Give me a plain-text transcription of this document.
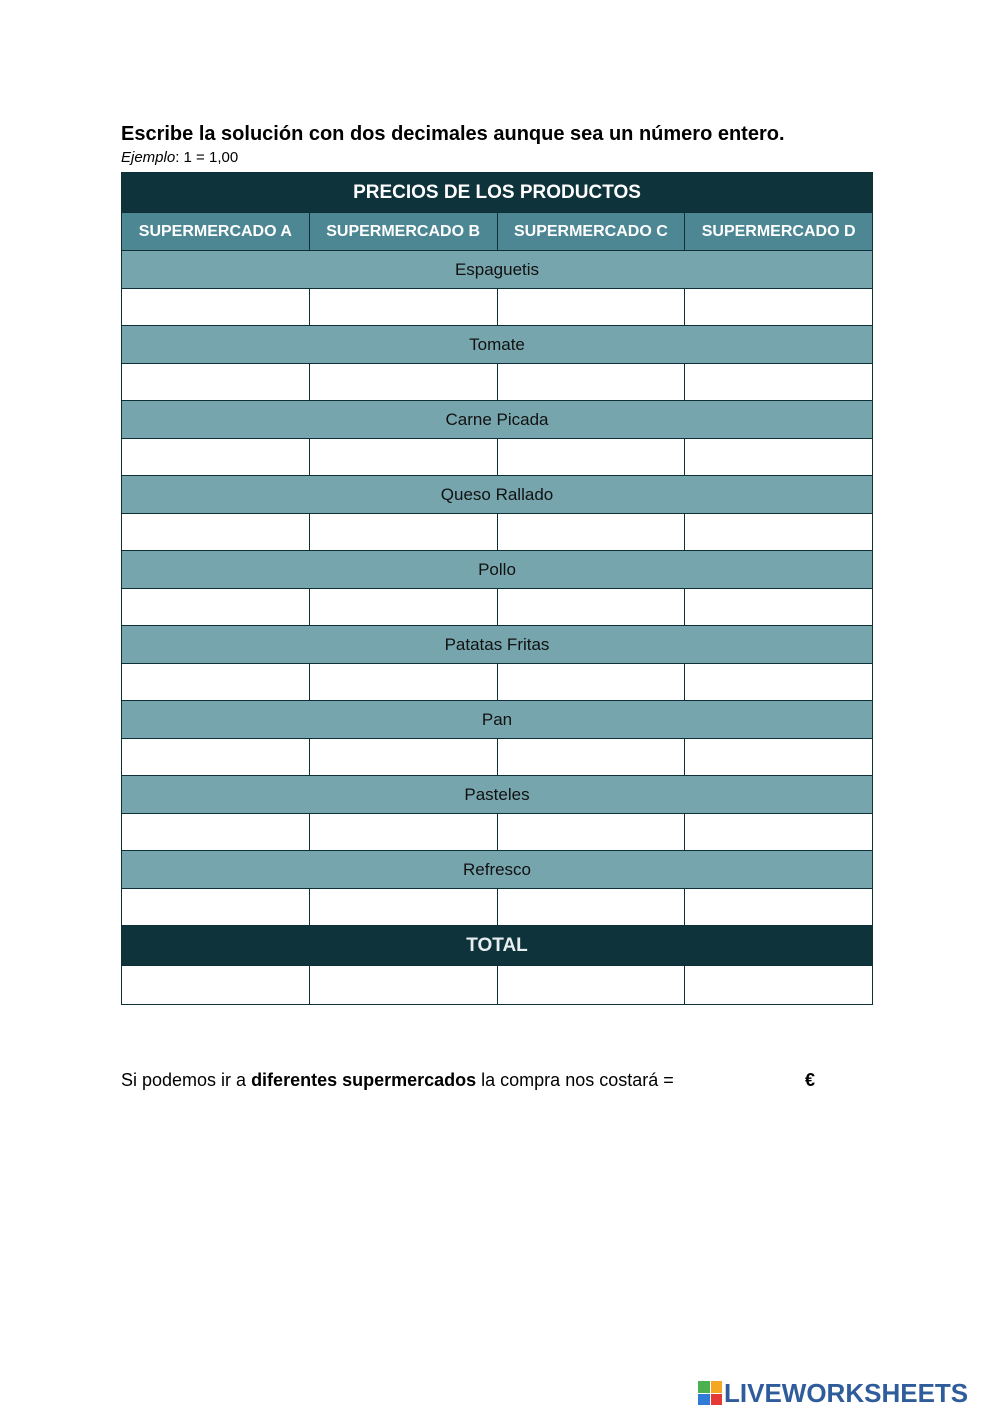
Escribe la solución con dos decimales aunque sea un número entero.
Ejemplo: 1 = 1,00
PRECIOS DE LOS PRODUCTOS			
SUPERMERCADO A	SUPERMERCADO B	SUPERMERCADO C	SUPERMERCADO D
Espaguetis			

Tomate			

Carne Picada			

Queso Rallado			

Pollo			

Patatas Fritas			

Pan			

Pasteles			

Refresco			

TOTAL			

Si podemos ir a diferentes supermercados la compra nos costará =	€
LIVEWORKSHEETS
